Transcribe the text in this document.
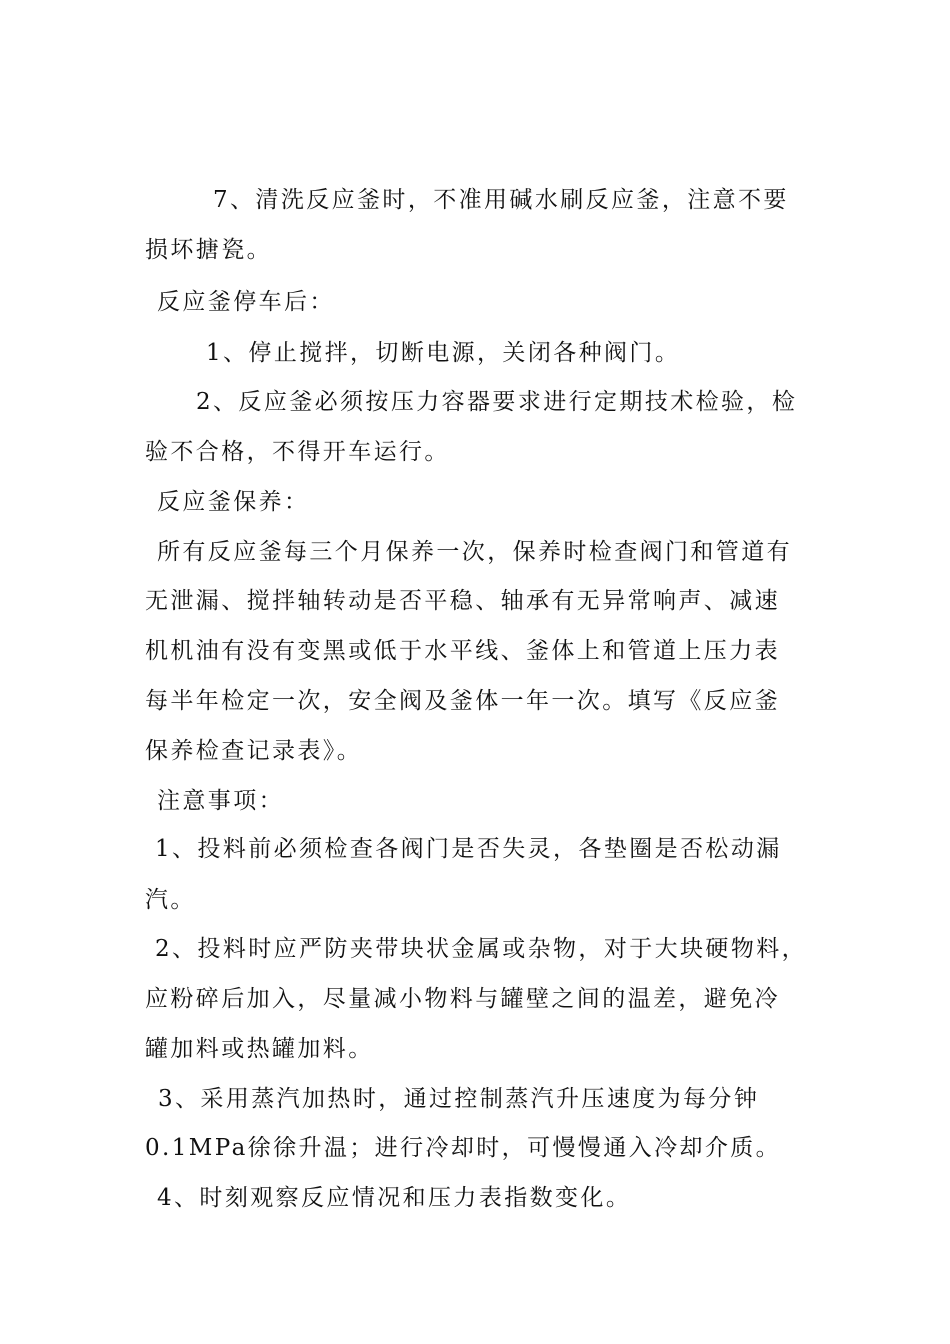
7、清洗反应釜时，不准用碱水刷反应釜，注意不要
损坏搪瓷。
反应釜停车后：
1、停止搅拌，切断电源，关闭各种阀门。
2、反应釜必须按压力容器要求进行定期技术检验，检
验不合格，不得开车运行。
反应釜保养：
所有反应釜每三个月保养一次，保养时检查阀门和管道有
无泄漏、搅拌轴转动是否平稳、轴承有无异常响声、减速
机机油有没有变黑或低于水平线、釜体上和管道上压力表
每半年检定一次，安全阀及釜体一年一次。填写《反应釜
保养检查记录表》。
注意事项：
1、投料前必须检查各阀门是否失灵，各垫圈是否松动漏
汽。
2、投料时应严防夹带块状金属或杂物，对于大块硬物料，
应粉碎后加入，尽量减小物料与罐壁之间的温差，避免冷
罐加料或热罐加料。
3、采用蒸汽加热时，通过控制蒸汽升压速度为每分钟
0.1MPa徐徐升温；进行冷却时，可慢慢通入冷却介质。
4、时刻观察反应情况和压力表指数变化。
